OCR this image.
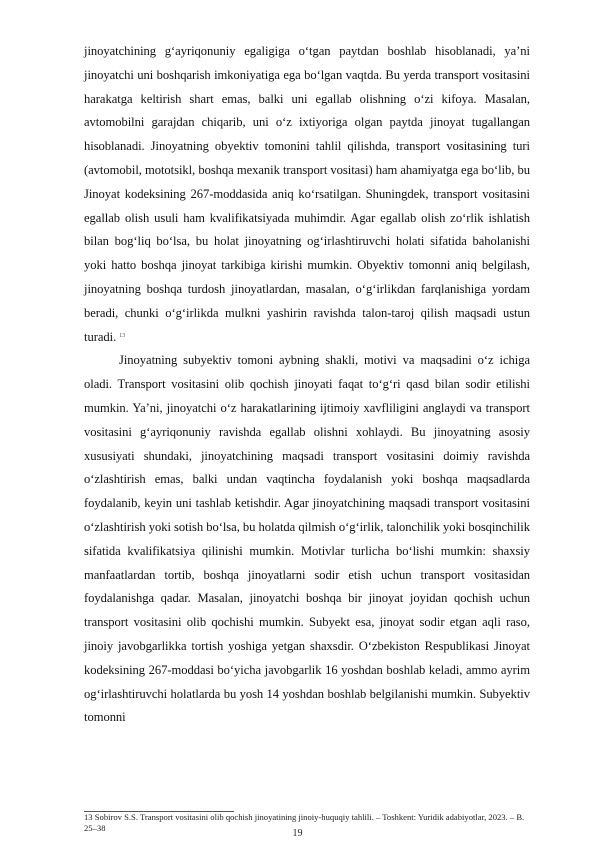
jinoyatchining g‘ayriqonuniy egaligiga o‘tgan paytdan boshlab hisoblanadi, ya’ni jinoyatchi uni boshqarish imkoniyatiga ega bo‘lgan vaqtda. Bu yerda transport vositasini harakatga keltirish shart emas, balki uni egallab olishning o‘zi kifoya. Masalan, avtomobilni garajdan chiqarib, uni o‘z ixtiyoriga olgan paytda jinoyat tugallangan hisoblanadi. Jinoyatning obyektiv tomonini tahlil qilishda, transport vositasining turi (avtomobil, mototsikl, boshqa mexanik transport vositasi) ham ahamiyatga ega bo‘lib, bu Jinoyat kodeksining 267-moddasida aniq ko‘rsatilgan. Shuningdek, transport vositasini egallab olish usuli ham kvalifikatsiyada muhimdir. Agar egallab olish zo‘rlik ishlatish bilan bog‘liq bo‘lsa, bu holat jinoyatning og‘irlashtiruvchi holati sifatida baholanishi yoki hatto boshqa jinoyat tarkibiga kirishi mumkin. Obyektiv tomonni aniq belgilash, jinoyatning boshqa turdosh jinoyatlardan, masalan, o‘g‘irlikdan farqlanishiga yordam beradi, chunki o‘g‘irlikda mulkni yashirin ravishda talon-taroj qilish maqsadi ustun turadi. $^{13}$

Jinoyatning subyektiv tomoni aybning shakli, motivi va maqsadini o‘z ichiga oladi. Transport vositasini olib qochish jinoyati faqat to‘g‘ri qasd bilan sodir etilishi mumkin. Ya’ni, jinoyatchi o‘z harakatlarining ijtimoiy xavfliligini anglaydi va transport vositasini g‘ayriqonuniy ravishda egallab olishni xohlaydi. Bu jinoyatning asosiy xususiyati shundaki, jinoyatchining maqsadi transport vositasini doimiy ravishda o‘zlashtirish emas, balki undan vaqtincha foydalanish yoki boshqa maqsadlarda foydalanib, keyin uni tashlab ketishdir. Agar jinoyatchining maqsadi transport vositasini o‘zlashtirish yoki sotish bo‘lsa, bu holatda qilmish o‘g‘irlik, talonchilik yoki bosqinchilik sifatida kvalifikatsiya qilinishi mumkin. Motivlar turlicha bo‘lishi mumkin: shaxsiy manfaatlardan tortib, boshqa jinoyatlarni sodir etish uchun transport vositasidan foydalanishga qadar. Masalan, jinoyatchi boshqa bir jinoyat joyidan qochish uchun transport vositasini olib qochishi mumkin. Subyekt esa, jinoyat sodir etgan aqli raso, jinoiy javobgarlikka tortish yoshiga yetgan shaxsdir. O‘zbekiston Respublikasi Jinoyat kodeksining 267-moddasi bo‘yicha javobgarlik 16 yoshdan boshlab keladi, ammo ayrim og‘irlashtiruvchi holatlarda bu yosh 14 yoshdan boshlab belgilanishi mumkin. Subyektiv tomonni

13 Sobirov S.S. Transport vositasini olib qochish jinoyatining jinoiy-huquqiy tahlili. – Toshkent: Yuridik adabiyotlar, 2023. – B. 25–38
19
